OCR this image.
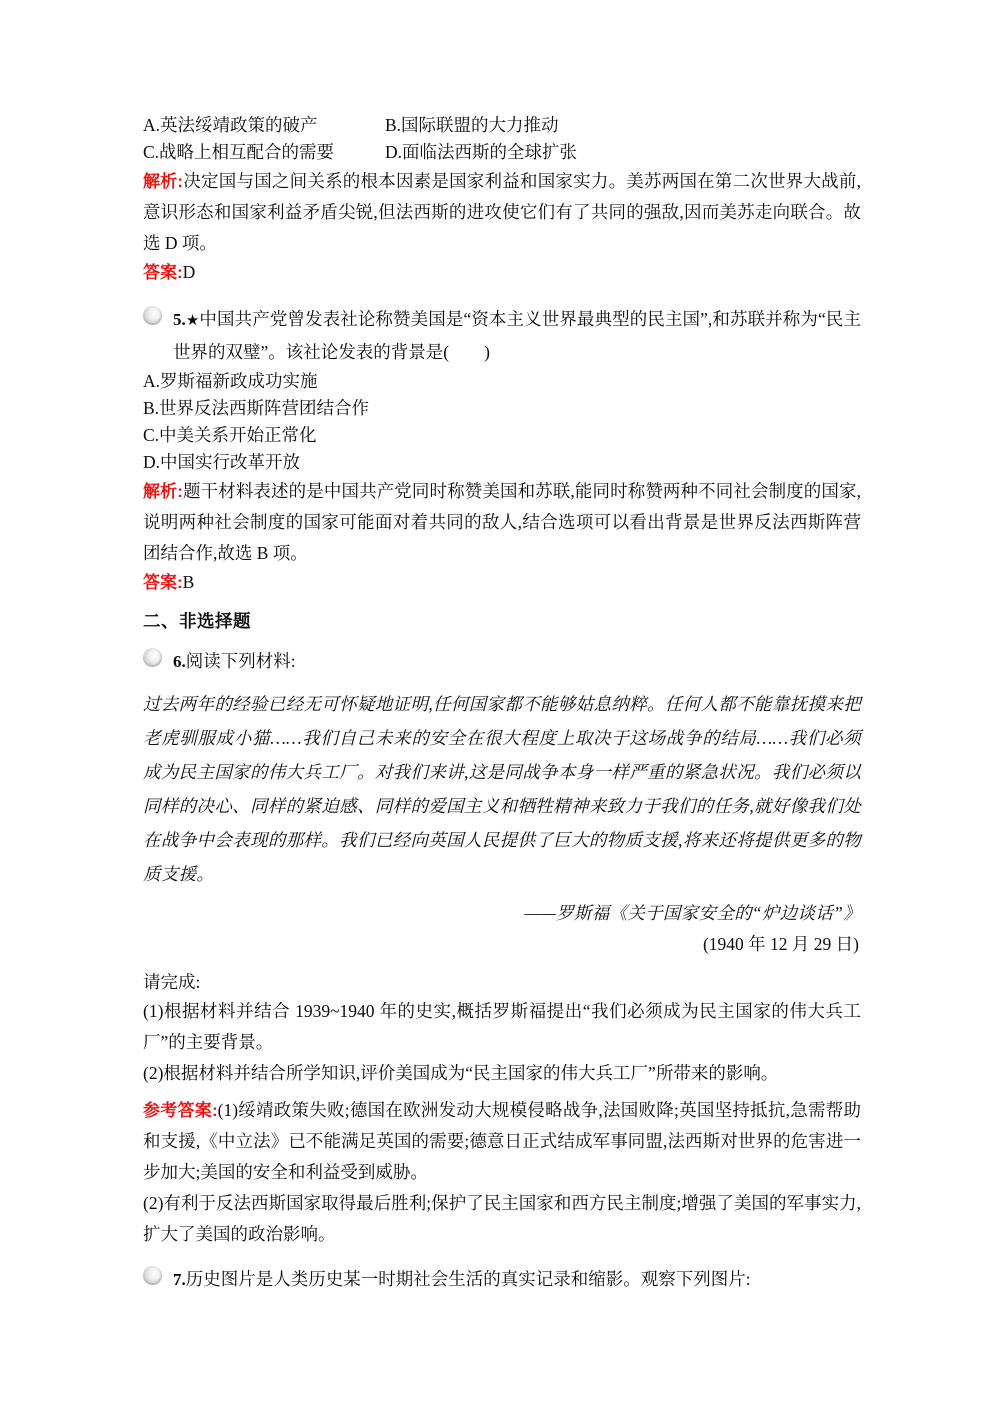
A.英法绥靖政策的破产	B.国际联盟的大力推动
C.战略上相互配合的需要	D.面临法西斯的全球扩张
解析:决定国与国之间关系的根本因素是国家利益和国家实力。美苏两国在第二次世界大战前,意识形态和国家利益矛盾尖锐,但法西斯的进攻使它们有了共同的强敌,因而美苏走向联合。故选 D 项。
答案:D
5.★中国共产党曾发表社论称赞美国是“资本主义世界最典型的民主国”,和苏联并称为“民主世界的双璧”。该社论发表的背景是(　　)
A.罗斯福新政成功实施
B.世界反法西斯阵营团结合作
C.中美关系开始正常化
D.中国实行改革开放
解析:题干材料表述的是中国共产党同时称赞美国和苏联,能同时称赞两种不同社会制度的国家,说明两种社会制度的国家可能面对着共同的敌人,结合选项可以看出背景是世界反法西斯阵营团结合作,故选 B 项。
答案:B
二、非选择题
6.阅读下列材料:
过去两年的经验已经无可怀疑地证明,任何国家都不能够姑息纳粹。任何人都不能靠抚摸来把老虎驯服成小猫……我们自己未来的安全在很大程度上取决于这场战争的结局……我们必须成为民主国家的伟大兵工厂。对我们来讲,这是同战争本身一样严重的紧急状况。我们必须以同样的决心、同样的紧迫感、同样的爱国主义和牺牲精神来致力于我们的任务,就好像我们处在战争中会表现的那样。我们已经向英国人民提供了巨大的物质支援,将来还将提供更多的物质支援。
——罗斯福《关于国家安全的“炉边谈话”》
(1940 年 12 月 29 日)
请完成:
(1)根据材料并结合 1939~1940 年的史实,概括罗斯福提出“我们必须成为民主国家的伟大兵工厂”的主要背景。
(2)根据材料并结合所学知识,评价美国成为“民主国家的伟大兵工厂”所带来的影响。
参考答案:(1)绥靖政策失败;德国在欧洲发动大规模侵略战争,法国败降;英国坚持抵抗,急需帮助和支援,《中立法》已不能满足英国的需要;德意日正式结成军事同盟,法西斯对世界的危害进一步加大;美国的安全和利益受到威胁。
(2)有利于反法西斯国家取得最后胜利;保护了民主国家和西方民主制度;增强了美国的军事实力,扩大了美国的政治影响。
7.历史图片是人类历史某一时期社会生活的真实记录和缩影。观察下列图片:
